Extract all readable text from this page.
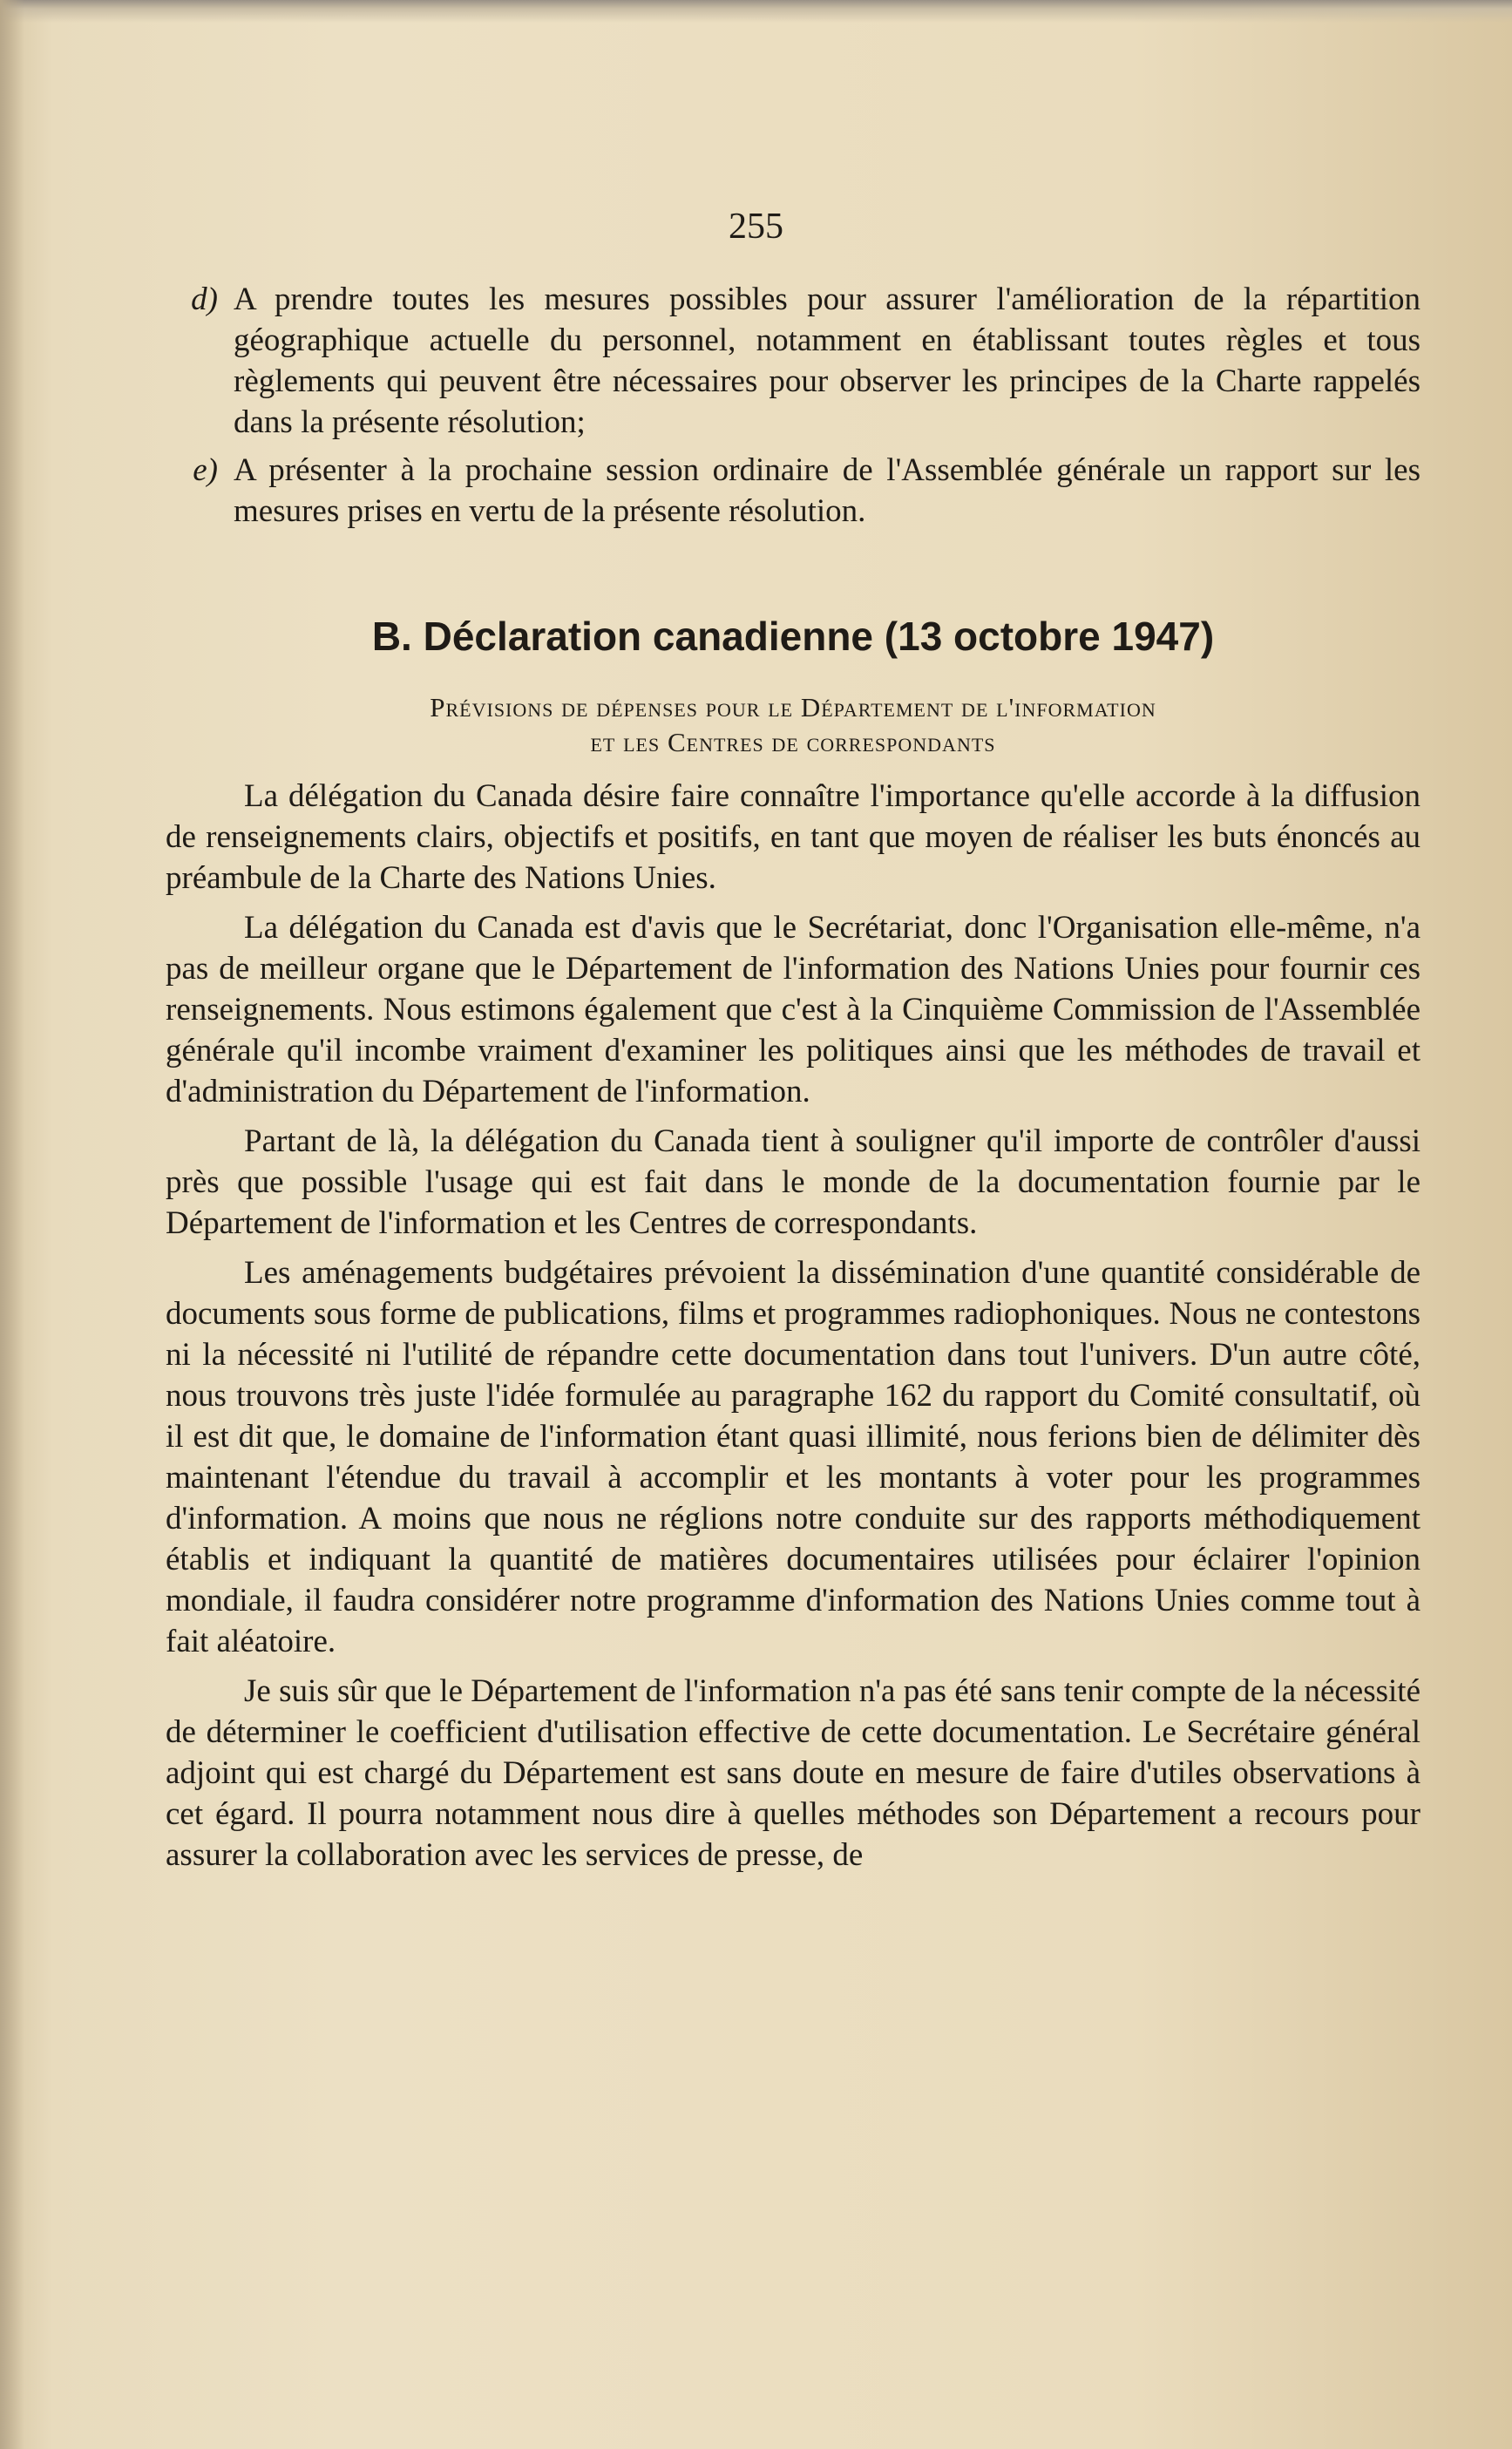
255
d) A prendre toutes les mesures possibles pour assurer l'amélioration de la répartition géographique actuelle du personnel, notamment en établissant toutes règles et tous règlements qui peuvent être nécessaires pour observer les principes de la Charte rappelés dans la présente résolution;
e) A présenter à la prochaine session ordinaire de l'Assemblée générale un rapport sur les mesures prises en vertu de la présente résolution.
B. Déclaration canadienne (13 octobre 1947)
Prévisions de dépenses pour le Département de l'information
et les Centres de correspondants

La délégation du Canada désire faire connaître l'importance qu'elle accorde à la diffusion de renseignements clairs, objectifs et positifs, en tant que moyen de réaliser les buts énoncés au préambule de la Charte des Nations Unies.

La délégation du Canada est d'avis que le Secrétariat, donc l'Organisation elle-même, n'a pas de meilleur organe que le Département de l'information des Nations Unies pour fournir ces renseignements. Nous estimons également que c'est à la Cinquième Commission de l'Assemblée générale qu'il incombe vraiment d'examiner les politiques ainsi que les méthodes de travail et d'administration du Département de l'information.

Partant de là, la délégation du Canada tient à souligner qu'il importe de contrôler d'aussi près que possible l'usage qui est fait dans le monde de la documentation fournie par le Département de l'information et les Centres de correspondants.

Les aménagements budgétaires prévoient la dissémination d'une quantité considérable de documents sous forme de publications, films et programmes radiophoniques. Nous ne contestons ni la nécessité ni l'utilité de répandre cette documentation dans tout l'univers. D'un autre côté, nous trouvons très juste l'idée formulée au paragraphe 162 du rapport du Comité consultatif, où il est dit que, le domaine de l'information étant quasi illimité, nous ferions bien de délimiter dès maintenant l'étendue du travail à accomplir et les montants à voter pour les programmes d'information. A moins que nous ne réglions notre conduite sur des rapports méthodiquement établis et indiquant la quantité de matières documentaires utilisées pour éclairer l'opinion mondiale, il faudra considérer notre programme d'information des Nations Unies comme tout à fait aléatoire.

Je suis sûr que le Département de l'information n'a pas été sans tenir compte de la nécessité de déterminer le coefficient d'utilisation effective de cette documentation. Le Secrétaire général adjoint qui est chargé du Département est sans doute en mesure de faire d'utiles observations à cet égard. Il pourra notamment nous dire à quelles méthodes son Département a recours pour assurer la collaboration avec les services de presse, de
